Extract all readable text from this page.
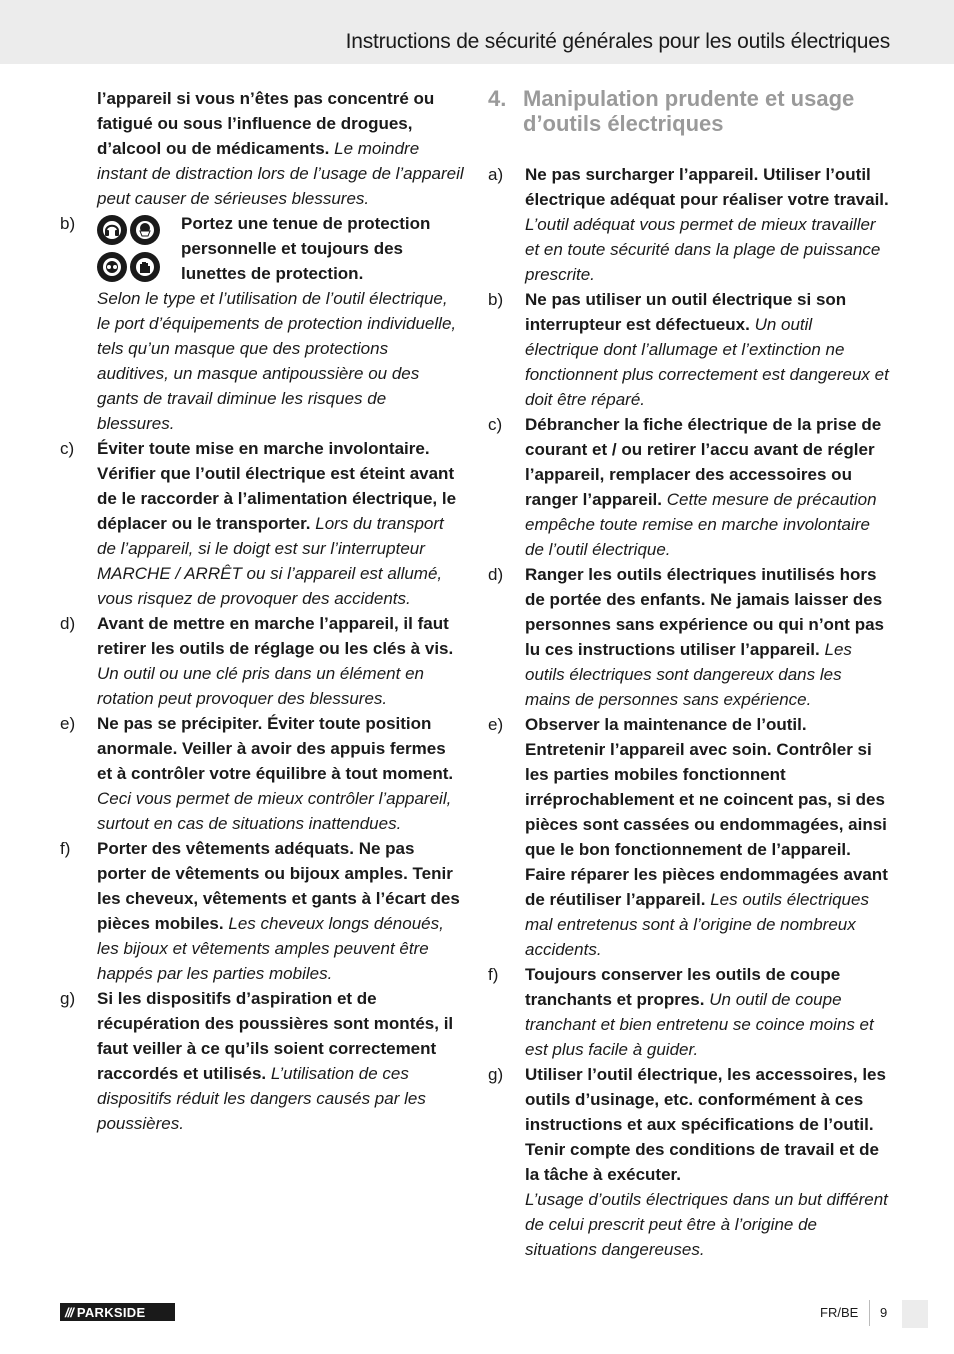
Instructions de sécurité générales pour les outils électriques
l’appareil si vous n’êtes pas concentré ou fatigué ou sous l’influence de drogues, d’alcool ou de médicaments. Le moindre instant de distraction lors de l’usage de l’appareil peut causer de sérieuses blessures.
b)	Portez une tenue de protection personnelle et toujours des lunettes de protection.
Selon le type et l’utilisation de l’outil électrique, le port d’équipements de protection individuelle, tels qu’un masque que des protections auditives, un masque antipoussière ou des gants de travail diminue les risques de blessures.
c)	Éviter toute mise en marche involontaire. Vérifier que l’outil électrique est éteint avant de le raccorder à l’alimentation électrique, le déplacer ou le transporter. Lors du transport de l’appareil, si le doigt est sur l’interrupteur MARCHE / ARRÊT ou si l’appareil est allumé, vous risquez de provoquer des accidents.
d)	Avant de mettre en marche l’appareil, il faut retirer les outils de réglage ou les clés à vis. Un outil ou une clé pris dans un élément en rotation peut provoquer des blessures.
e)	Ne pas se précipiter. Éviter toute position anormale. Veiller à avoir des appuis fermes et à contrôler votre équilibre à tout moment. Ceci vous permet de mieux contrôler l’appareil, surtout en cas de situations inattendues.
f)	Porter des vêtements adéquats. Ne pas porter de vêtements ou bijoux amples. Tenir les cheveux, vêtements et gants à l’écart des pièces mobiles. Les cheveux longs dénoués, les bijoux et vêtements amples peuvent être happés par les parties mobiles.
g)	Si les dispositifs d’aspiration et de récupération des poussières sont montés, il faut veiller à ce qu’ils soient correctement raccordés et utilisés. L’utilisation de ces dispositifs réduit les dangers causés par les poussières.
4. Manipulation prudente et usage d’outils électriques
a)	Ne pas surcharger l’appareil. Utiliser l’outil électrique adéquat pour réaliser votre travail. L’outil adéquat vous permet de mieux travailler et en toute sécurité dans la plage de puissance prescrite.
b)	Ne pas utiliser un outil électrique si son interrupteur est défectueux. Un outil électrique dont l’allumage et l’extinction ne fonctionnent plus correctement est dangereux et doit être réparé.
c)	Débrancher la fiche électrique de la prise de courant et / ou retirer l’accu avant de régler l’appareil, remplacer des accessoires ou ranger l’appareil. Cette mesure de précaution empêche toute remise en marche involontaire de l’outil électrique.
d)	Ranger les outils électriques inutilisés hors de portée des enfants. Ne jamais laisser des personnes sans expérience ou qui n’ont pas lu ces instructions utiliser l’appareil. Les outils électriques sont dangereux dans les mains de personnes sans expérience.
e)	Observer la maintenance de l’outil. Entretenir l’appareil avec soin. Contrôler si les parties mobiles fonctionnent irréprochablement et ne coincent pas, si des pièces sont cassées ou endommagées, ainsi que le bon fonctionnement de l’appareil. Faire réparer les pièces endommagées avant de réutiliser l’appareil. Les outils électriques mal entretenus sont à l’origine de nombreux accidents.
f)	Toujours conserver les outils de coupe tranchants et propres. Un outil de coupe tranchant et bien entretenu se coince moins et est plus facile à guider.
g)	Utiliser l’outil électrique, les accessoires, les outils d’usinage, etc. conformément à ces instructions et aux spécifications de l’outil. Tenir compte des conditions de travail et de la tâche à exécuter.
L’usage d’outils électriques dans un but différent de celui prescrit peut être à l’origine de situations dangereuses.
/// PARKSIDE	FR/BE 9
